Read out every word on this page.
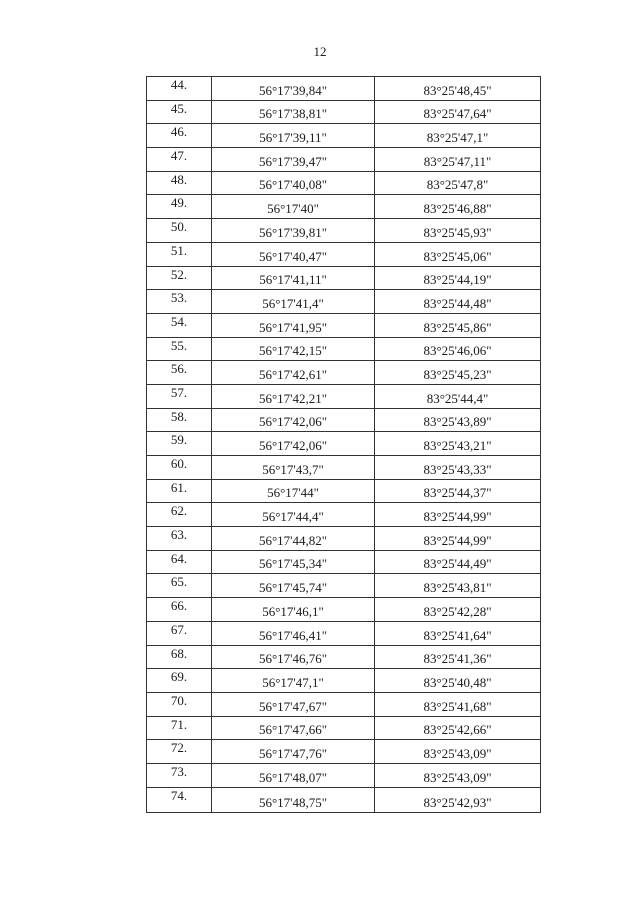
12
44.	56°17'39,84"	83°25'48,45"
45.	56°17'38,81"	83°25'47,64"
46.	56°17'39,11"	83°25'47,1"
47.	56°17'39,47"	83°25'47,11"
48.	56°17'40,08"	83°25'47,8"
49.	56°17'40"	83°25'46,88"
50.	56°17'39,81"	83°25'45,93"
51.	56°17'40,47"	83°25'45,06"
52.	56°17'41,11"	83°25'44,19"
53.	56°17'41,4"	83°25'44,48"
54.	56°17'41,95"	83°25'45,86"
55.	56°17'42,15"	83°25'46,06"
56.	56°17'42,61"	83°25'45,23"
57.	56°17'42,21"	83°25'44,4"
58.	56°17'42,06"	83°25'43,89"
59.	56°17'42,06"	83°25'43,21"
60.	56°17'43,7"	83°25'43,33"
61.	56°17'44"	83°25'44,37"
62.	56°17'44,4"	83°25'44,99"
63.	56°17'44,82"	83°25'44,99"
64.	56°17'45,34"	83°25'44,49"
65.	56°17'45,74"	83°25'43,81"
66.	56°17'46,1"	83°25'42,28"
67.	56°17'46,41"	83°25'41,64"
68.	56°17'46,76"	83°25'41,36"
69.	56°17'47,1"	83°25'40,48"
70.	56°17'47,67"	83°25'41,68"
71.	56°17'47,66"	83°25'42,66"
72.	56°17'47,76"	83°25'43,09"
73.	56°17'48,07"	83°25'43,09"
74.	56°17'48,75"	83°25'42,93"
